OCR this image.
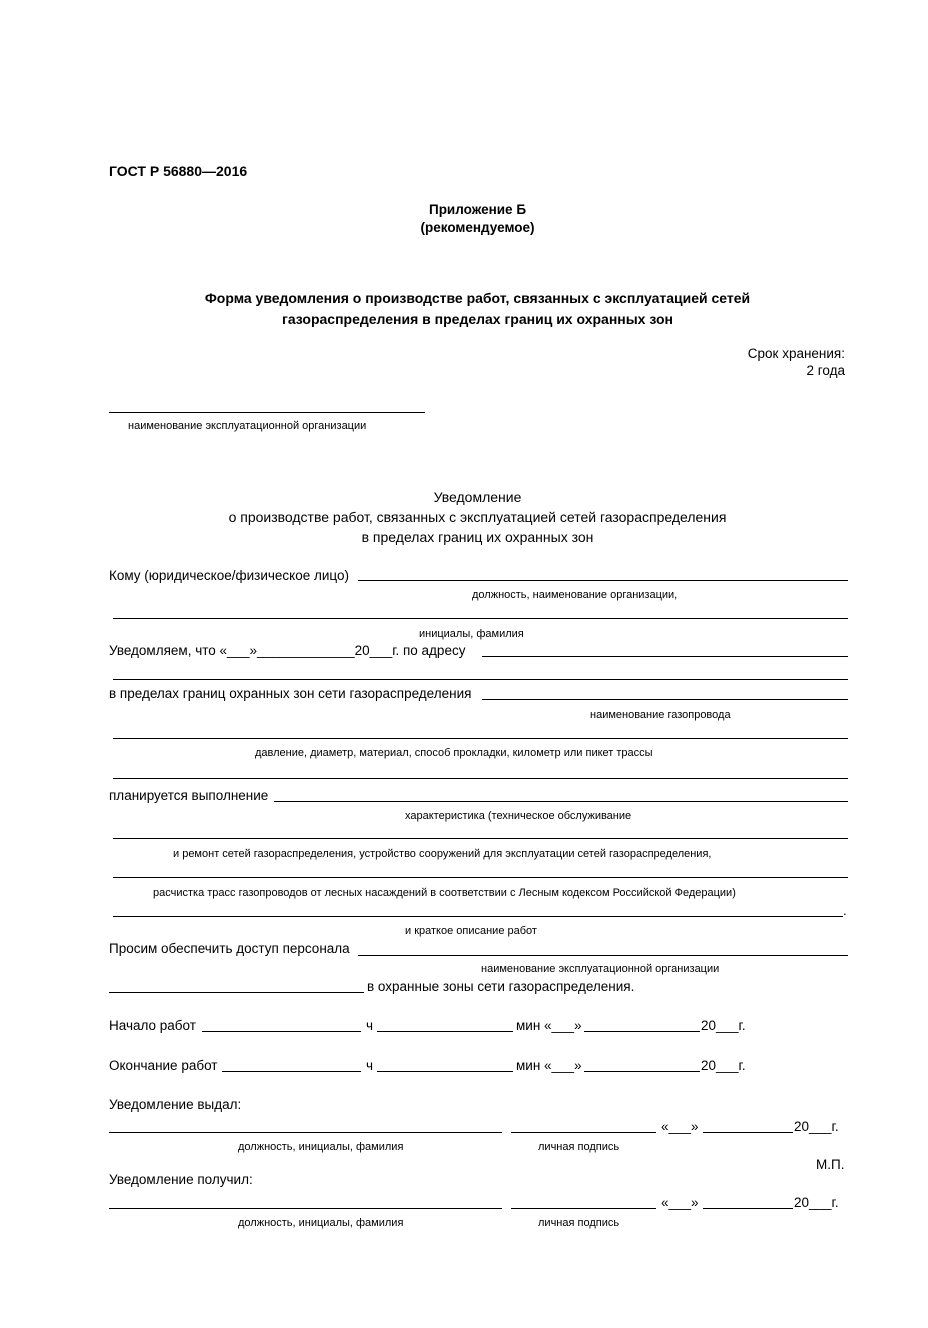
ГОСТ Р 56880—2016
Приложение Б
(рекомендуемое)
Форма уведомления о производстве работ, связанных с эксплуатацией сетей
газораспределения в пределах границ их охранных зон
Срок хранения:
2 года
наименование эксплуатационной организации
Уведомление
о производстве работ, связанных с эксплуатацией сетей газораспределения
в пределах границ их охранных зон
Кому (юридическое/физическое лицо)
должность, наименование организации,
инициалы, фамилия
Уведомляем, что «___»_____________20___г. по адресу
в пределах границ охранных зон сети газораспределения
наименование газопровода
давление, диаметр, материал, способ прокладки, километр или пикет трассы
планируется выполнение
характеристика (техническое обслуживание
и ремонт сетей газораспределения, устройство сооружений для эксплуатации сетей газораспределения,
расчистка трасс газопроводов от лесных насаждений в соответствии с Лесным кодексом Российской Федерации)
.
и краткое описание работ
Просим обеспечить доступ персонала
наименование эксплуатационной организации
в охранные зоны сети газораспределения.
Начало работ	ч	мин «___»	20___г.
Окончание работ	ч	мин «___»	20___г.
Уведомление выдал:
«___»	20___г.
должность, инициалы, фамилия	личная подпись
М.П.
Уведомление получил:
«___»	20___г.
должность, инициалы, фамилия	личная подпись
